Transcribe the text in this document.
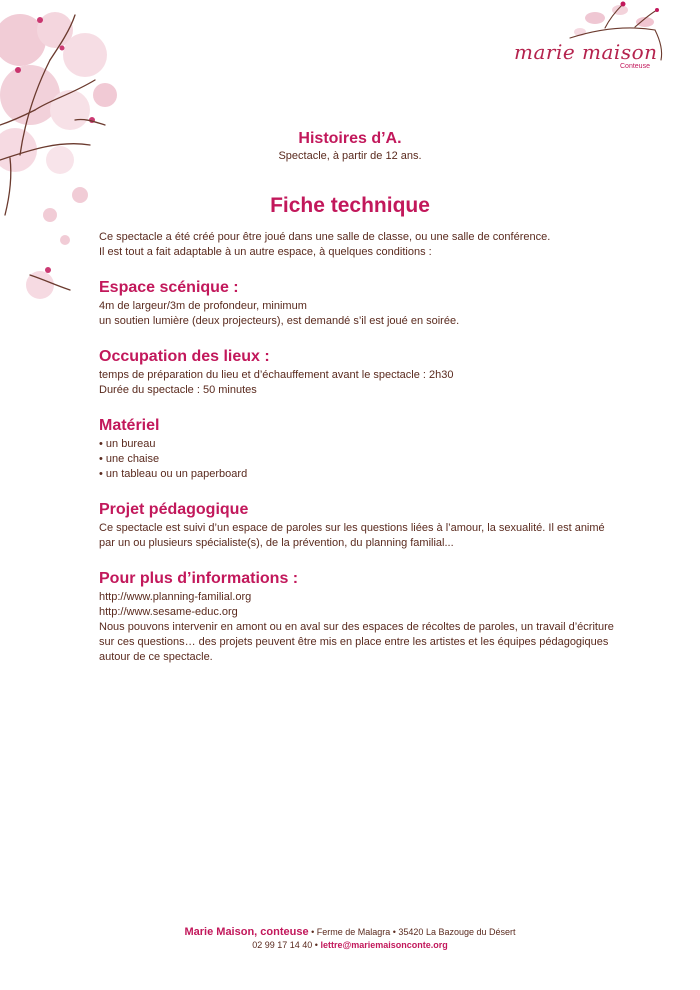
marie maison
Conteuse
Histoires d’A.
Spectacle, à partir de 12 ans.
Fiche technique

Ce spectacle a été créé pour être joué dans une salle de classe, ou une salle de conférence.

Il est tout a fait adaptable à un autre espace, à quelques conditions :

Espace scénique :

4m de largeur/3m de profondeur, minimum

un soutien lumière (deux projecteurs), est demandé s’il est joué en soirée.

Occupation des lieux :

temps de préparation du lieu et d’échauffement avant le spectacle : 2h30

Durée du spectacle : 50 minutes

Matériel

• un bureau

• une chaise

• un tableau ou un paperboard

Projet pédagogique

Ce spectacle est suivi d’un espace de paroles sur les questions liées à l’amour, la sexualité. Il est animé par un ou plusieurs spécialiste(s), de la prévention, du planning familial...

Pour plus d’informations :

http://www.planning-familial.org

http://www.sesame-educ.org

Nous pouvons intervenir en amont ou en aval sur des espaces de récoltes de paroles, un travail d’écriture sur ces questions… des projets peuvent être mis en place entre les artistes et les équipes pédagogiques autour de ce spectacle.

Marie Maison, conteuse • Ferme de Malagra • 35420 La Bazouge du Désert
02 99 17 14 40 • lettre@mariemaisonconte.org
